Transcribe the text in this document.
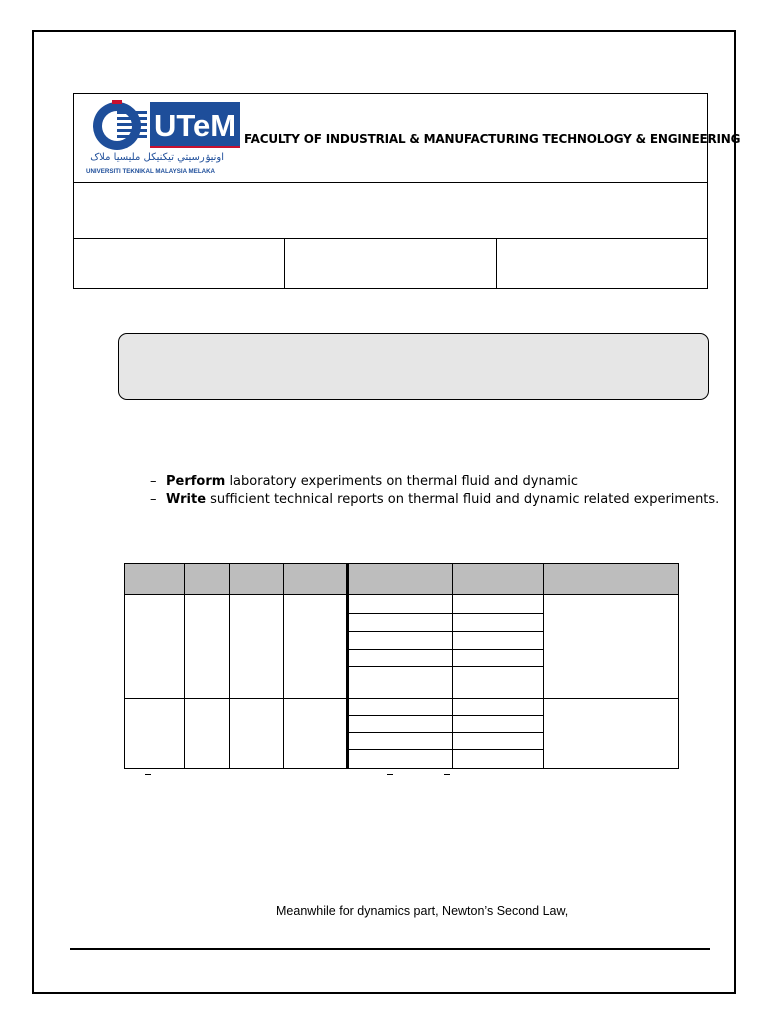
UTeM
اونيۏرسيتي تيكنيکل مليسيا ملاک
UNIVERSITI TEKNIKAL MALAYSIA MELAKA
FACULTY OF INDUSTRIAL & MANUFACTURING TECHNOLOGY & ENGINEERING
– Perform laboratory experiments on thermal fluid and dynamic
– Write sufficient technical reports on thermal fluid and dynamic related experiments.
Meanwhile for dynamics part, Newton’s Second Law,
